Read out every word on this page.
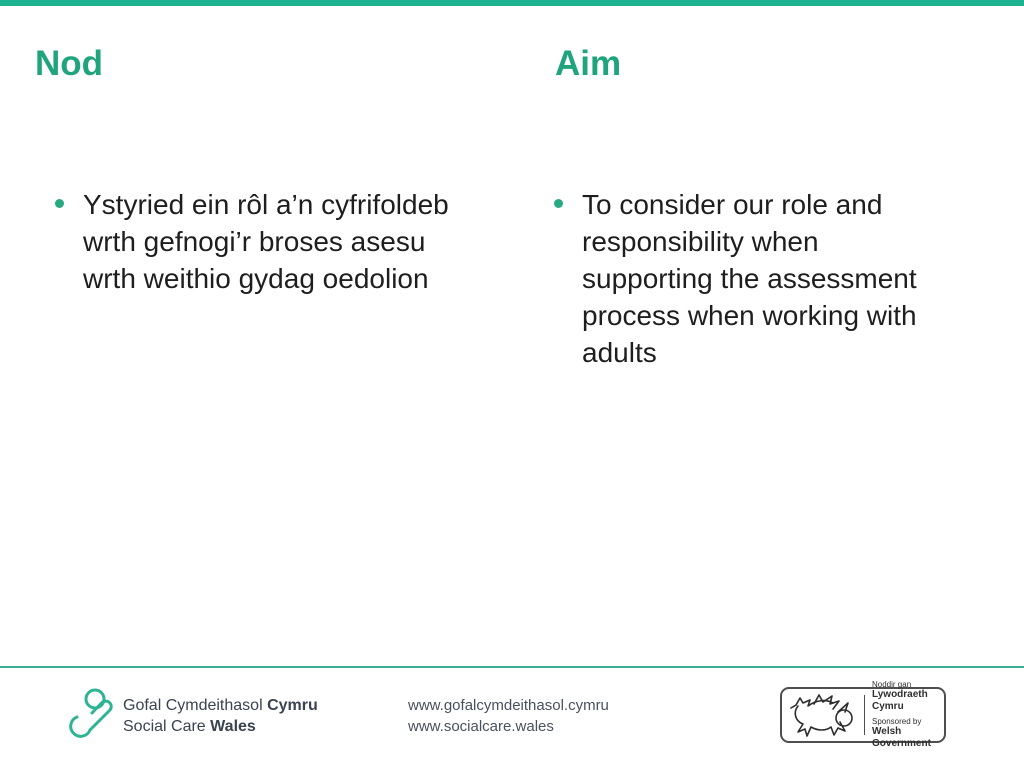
Nod	Aim
Ystyried ein rôl a’n cyfrifoldeb wrth gefnogi’r broses asesu wrth weithio gydag oedolion
To consider our role and responsibility when supporting the assessment process when working with  adults
Gofal Cymdeithasol Cymru
Social Care Wales
www.gofalcymdeithasol.cymru
www.socialcare.wales
Noddir gan
Lywodraeth Cymru
Sponsored by
Welsh Government
